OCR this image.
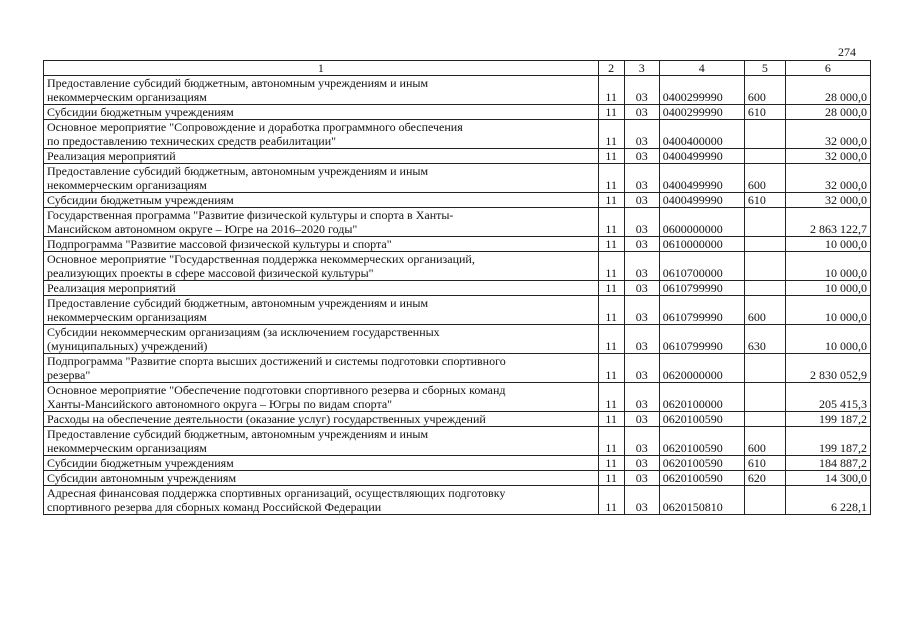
274
1	2	3	4	5	6

Предоставление субсидий бюджетным, автономным учреждениям и иным
некоммерческим организациям	11	03	0400299990	600	28 000,0

Субсидии бюджетным учреждениям	11	03	0400299990	610	28 000,0

Основное мероприятие "Сопровождение и доработка программного обеспечения
по предоставлению технических средств реабилитации"	11	03	0400400000		32 000,0

Реализация мероприятий	11	03	0400499990		32 000,0

Предоставление субсидий бюджетным, автономным учреждениям и иным
некоммерческим организациям	11	03	0400499990	600	32 000,0

Субсидии бюджетным учреждениям	11	03	0400499990	610	32 000,0

Государственная программа "Развитие физической культуры и спорта в Ханты-
Мансийском автономном округе – Югре на 2016–2020 годы"	11	03	0600000000		2 863 122,7

Подпрограмма "Развитие массовой физической культуры и спорта"	11	03	0610000000		10 000,0

Основное мероприятие "Государственная поддержка некоммерческих организаций,
реализующих проекты в сфере массовой физической культуры"	11	03	0610700000		10 000,0

Реализация мероприятий	11	03	0610799990		10 000,0

Предоставление субсидий бюджетным, автономным учреждениям и иным
некоммерческим организациям	11	03	0610799990	600	10 000,0

Субсидии некоммерческим организациям (за исключением государственных
(муниципальных) учреждений)	11	03	0610799990	630	10 000,0

Подпрограмма "Развитие спорта высших достижений и системы подготовки спортивного
резерва"	11	03	0620000000		2 830 052,9

Основное мероприятие "Обеспечение подготовки спортивного резерва и сборных команд
Ханты-Мансийского автономного округа – Югры по видам спорта"	11	03	0620100000		205 415,3

Расходы на обеспечение деятельности (оказание услуг) государственных учреждений	11	03	0620100590		199 187,2

Предоставление субсидий бюджетным, автономным учреждениям и иным
некоммерческим организациям	11	03	0620100590	600	199 187,2

Субсидии бюджетным учреждениям	11	03	0620100590	610	184 887,2

Субсидии автономным учреждениям	11	03	0620100590	620	14 300,0

Адресная финансовая поддержка спортивных организаций, осуществляющих подготовку
спортивного резерва для сборных команд Российской Федерации	11	03	0620150810		6 228,1
